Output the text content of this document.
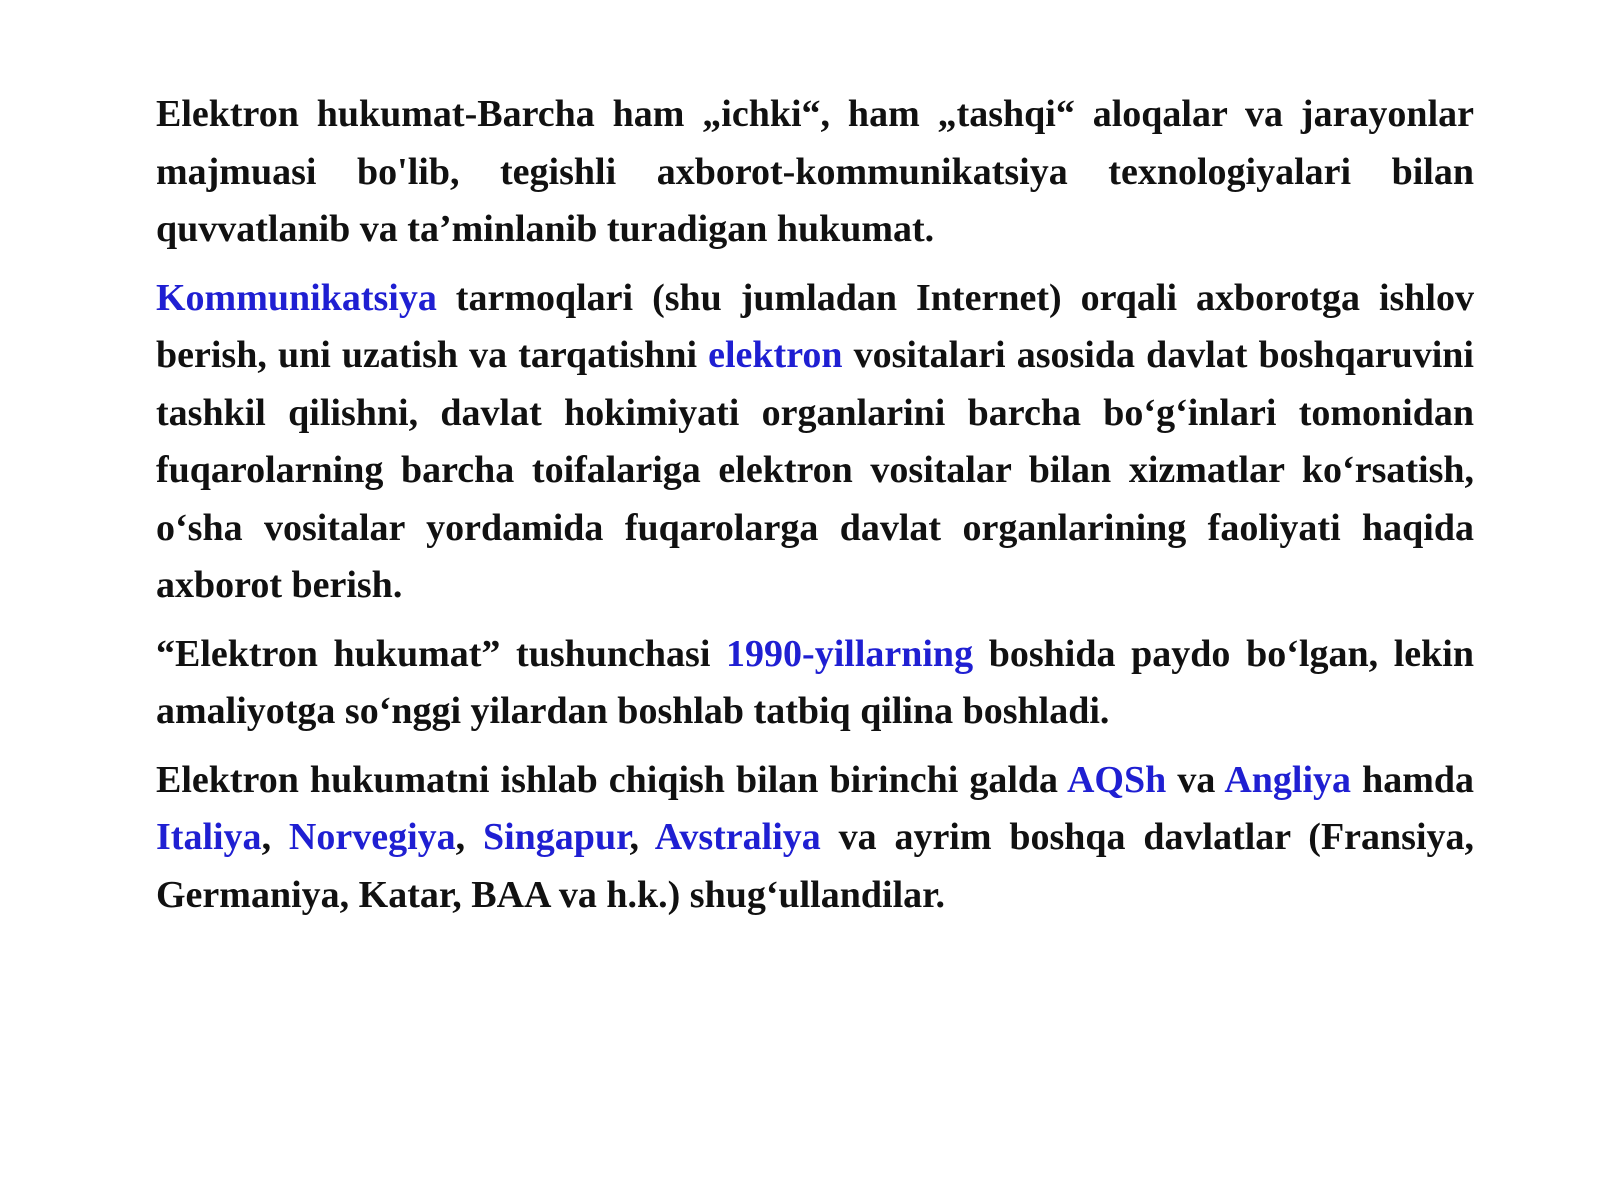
Elektron hukumat-Barcha ham „ichki“, ham „tashqi“ aloqalar va jarayonlar majmuasi bo'lib, tegishli axborot-kommunikatsiya texnologiyalari bilan quvvatlanib va ta’minlanib turadigan hukumat.

Kommunikatsiya tarmoqlari (shu jumladan Internet) orqali axborotga ishlov berish, uni uzatish va tarqatishni elektron vositalari asosida davlat boshqaruvini tashkil qilishni, davlat hokimiyati organlarini barcha bo‘g‘inlari tomonidan fuqarolarning barcha toifalariga elektron vositalar bilan xizmatlar ko‘rsatish, o‘sha vositalar yordamida fuqarolarga davlat organlarining faoliyati haqida axborot berish.

“Elektron hukumat” tushunchasi 1990-yillarning boshida paydo bo‘lgan, lekin amaliyotga so‘nggi yilardan boshlab tatbiq qilina boshladi.

Elektron hukumatni ishlab chiqish bilan birinchi galda AQSh va Angliya hamda Italiya, Norvegiya, Singapur, Avstraliya va ayrim boshqa davlatlar (Fransiya, Germaniya, Katar, BAA va h.k.) shug‘ullandilar.
